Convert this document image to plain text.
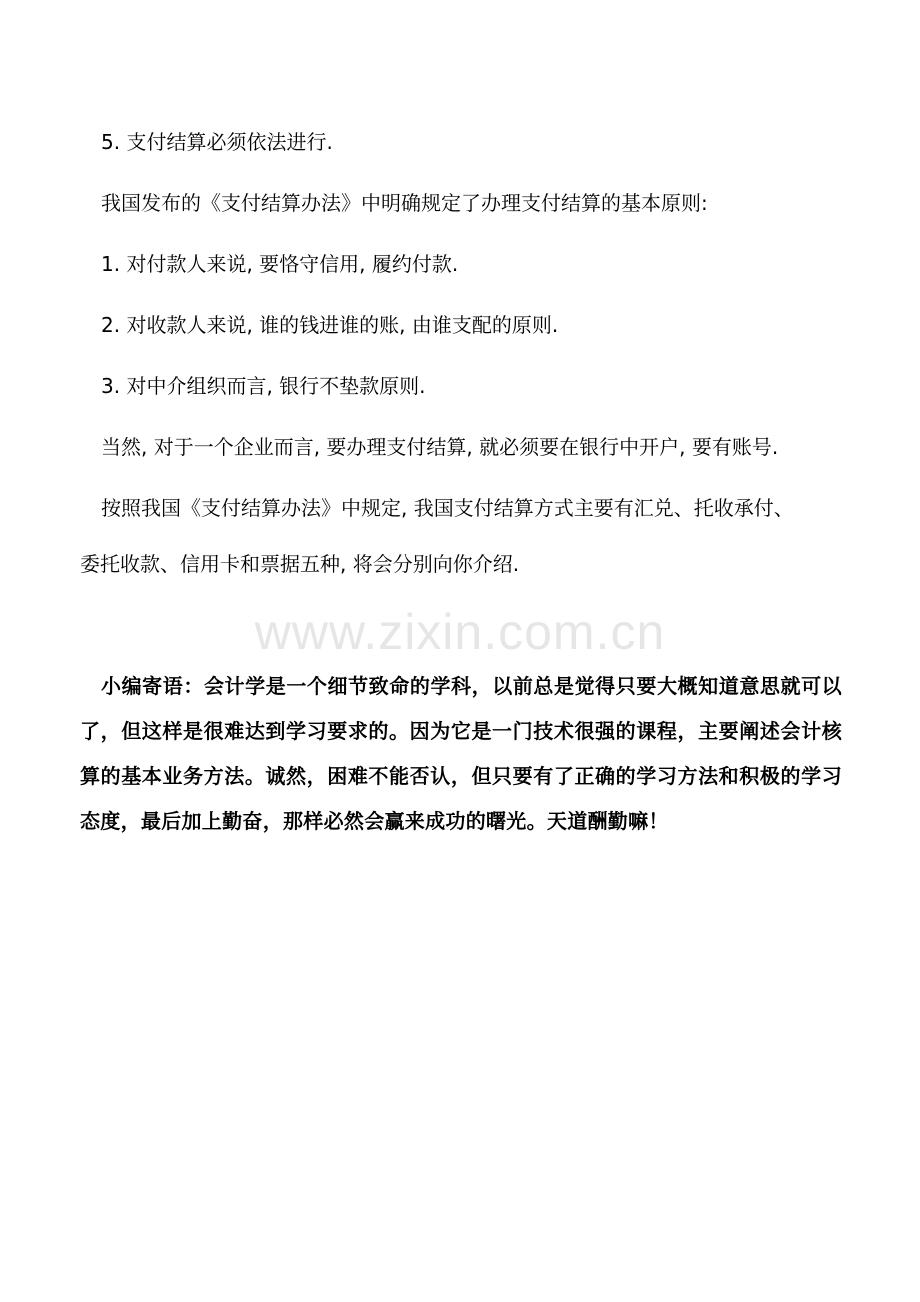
5. 支付结算必须依法进行.

我国发布的《支付结算办法》中明确规定了办理支付结算的基本原则:

1. 对付款人来说, 要恪守信用, 履约付款.

2. 对收款人来说, 谁的钱进谁的账, 由谁支配的原则.

3. 对中介组织而言, 银行不垫款原则.

当然, 对于一个企业而言, 要办理支付结算, 就必须要在银行中开户, 要有账号.

按照我国《支付结算办法》中规定, 我国支付结算方式主要有汇兑、托收承付、

委托收款、信用卡和票据五种, 将会分别向你介绍.

www.zixin.com.cn

小编寄语：会计学是一个细节致命的学科，以前总是觉得只要大概知道意思就可以了，但这样是很难达到学习要求的。因为它是一门技术很强的课程，主要阐述会计核算的基本业务方法。诚然，困难不能否认，但只要有了正确的学习方法和积极的学习态度，最后加上勤奋，那样必然会赢来成功的曙光。天道酬勤嘛！
